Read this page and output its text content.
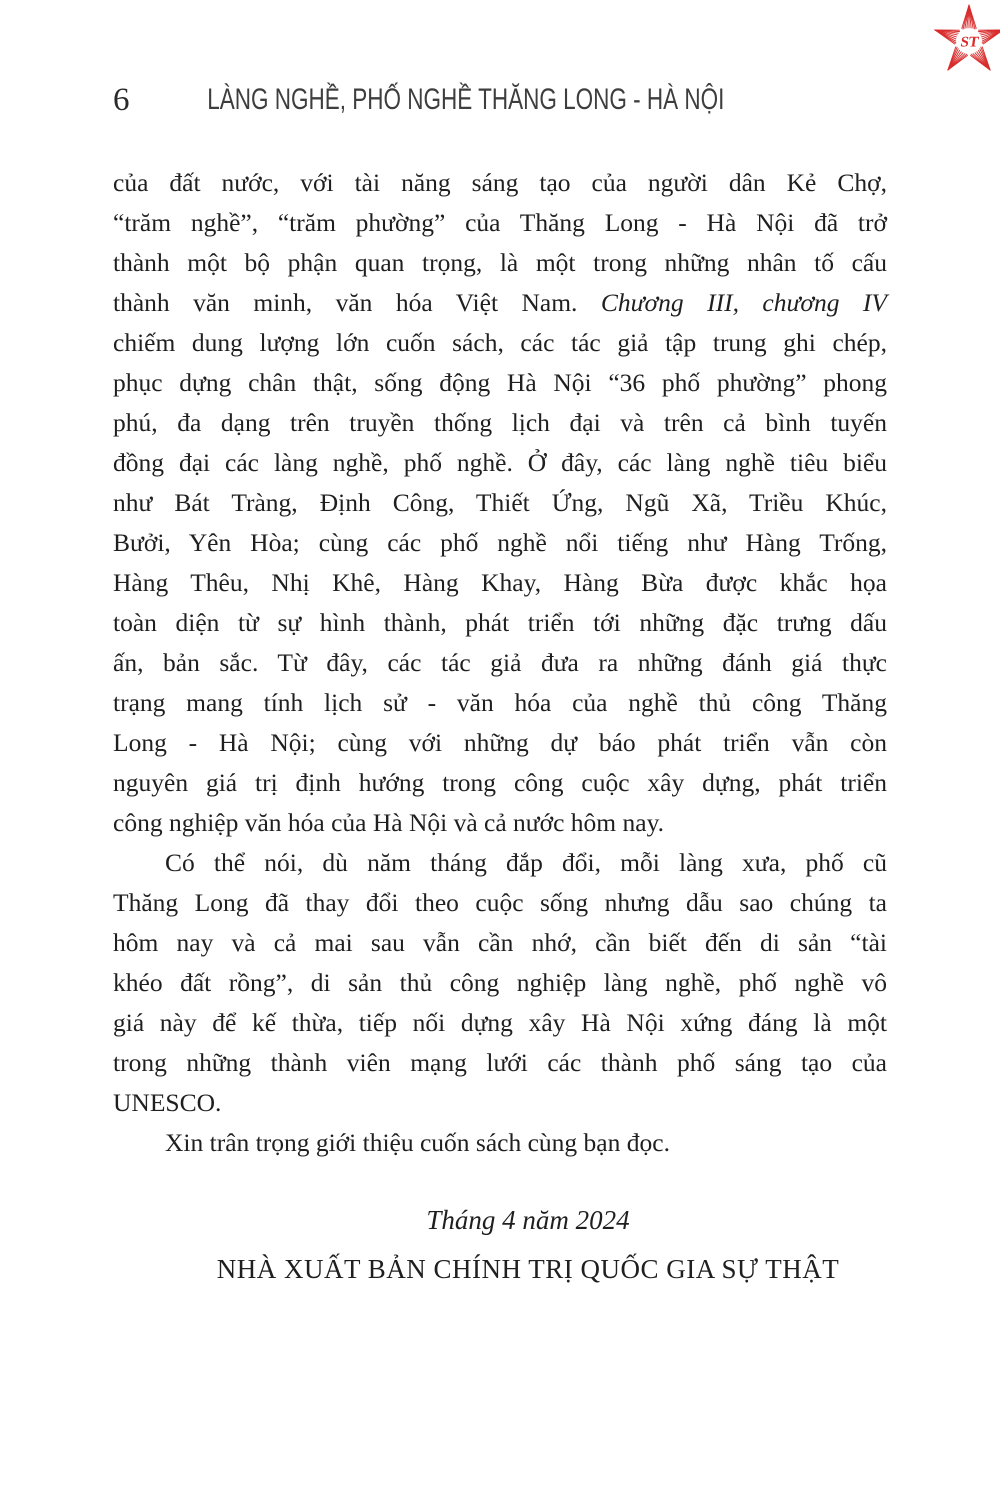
ST
6	LÀNG NGHỀ, PHỐ NGHỀ THĂNG LONG - HÀ NỘI
của đất nước, với tài năng sáng tạo của người dân Kẻ Chợ,
“trăm nghề”, “trăm phường” của Thăng Long - Hà Nội đã trở
thành một bộ phận quan trọng, là một trong những nhân tố cấu
thành văn minh, văn hóa Việt Nam. Chương III, chương IV
chiếm dung lượng lớn cuốn sách, các tác giả tập trung ghi chép,
phục dựng chân thật, sống động Hà Nội “36 phố phường” phong
phú, đa dạng trên truyền thống lịch đại và trên cả bình tuyến
đồng đại các làng nghề, phố nghề. Ở đây, các làng nghề tiêu biểu
như Bát Tràng, Định Công, Thiết Ứng, Ngũ Xã, Triều Khúc,
Bưởi, Yên Hòa; cùng các phố nghề nổi tiếng như Hàng Trống,
Hàng Thêu, Nhị Khê, Hàng Khay, Hàng Bừa được khắc họa
toàn diện từ sự hình thành, phát triển tới những đặc trưng dấu
ấn, bản sắc. Từ đây, các tác giả đưa ra những đánh giá thực
trạng mang tính lịch sử - văn hóa của nghề thủ công Thăng
Long - Hà Nội; cùng với những dự báo phát triển vẫn còn
nguyên giá trị định hướng trong công cuộc xây dựng, phát triển
công nghiệp văn hóa của Hà Nội và cả nước hôm nay.
Có thể nói, dù năm tháng đắp đổi, mỗi làng xưa, phố cũ
Thăng Long đã thay đổi theo cuộc sống nhưng dẫu sao chúng ta
hôm nay và cả mai sau vẫn cần nhớ, cần biết đến di sản “tài
khéo đất rồng”, di sản thủ công nghiệp làng nghề, phố nghề vô
giá này để kế thừa, tiếp nối dựng xây Hà Nội xứng đáng là một
trong những thành viên mạng lưới các thành phố sáng tạo của
UNESCO.
Xin trân trọng giới thiệu cuốn sách cùng bạn đọc.
Tháng 4 năm 2024
NHÀ XUẤT BẢN CHÍNH TRỊ QUỐC GIA SỰ THẬT
